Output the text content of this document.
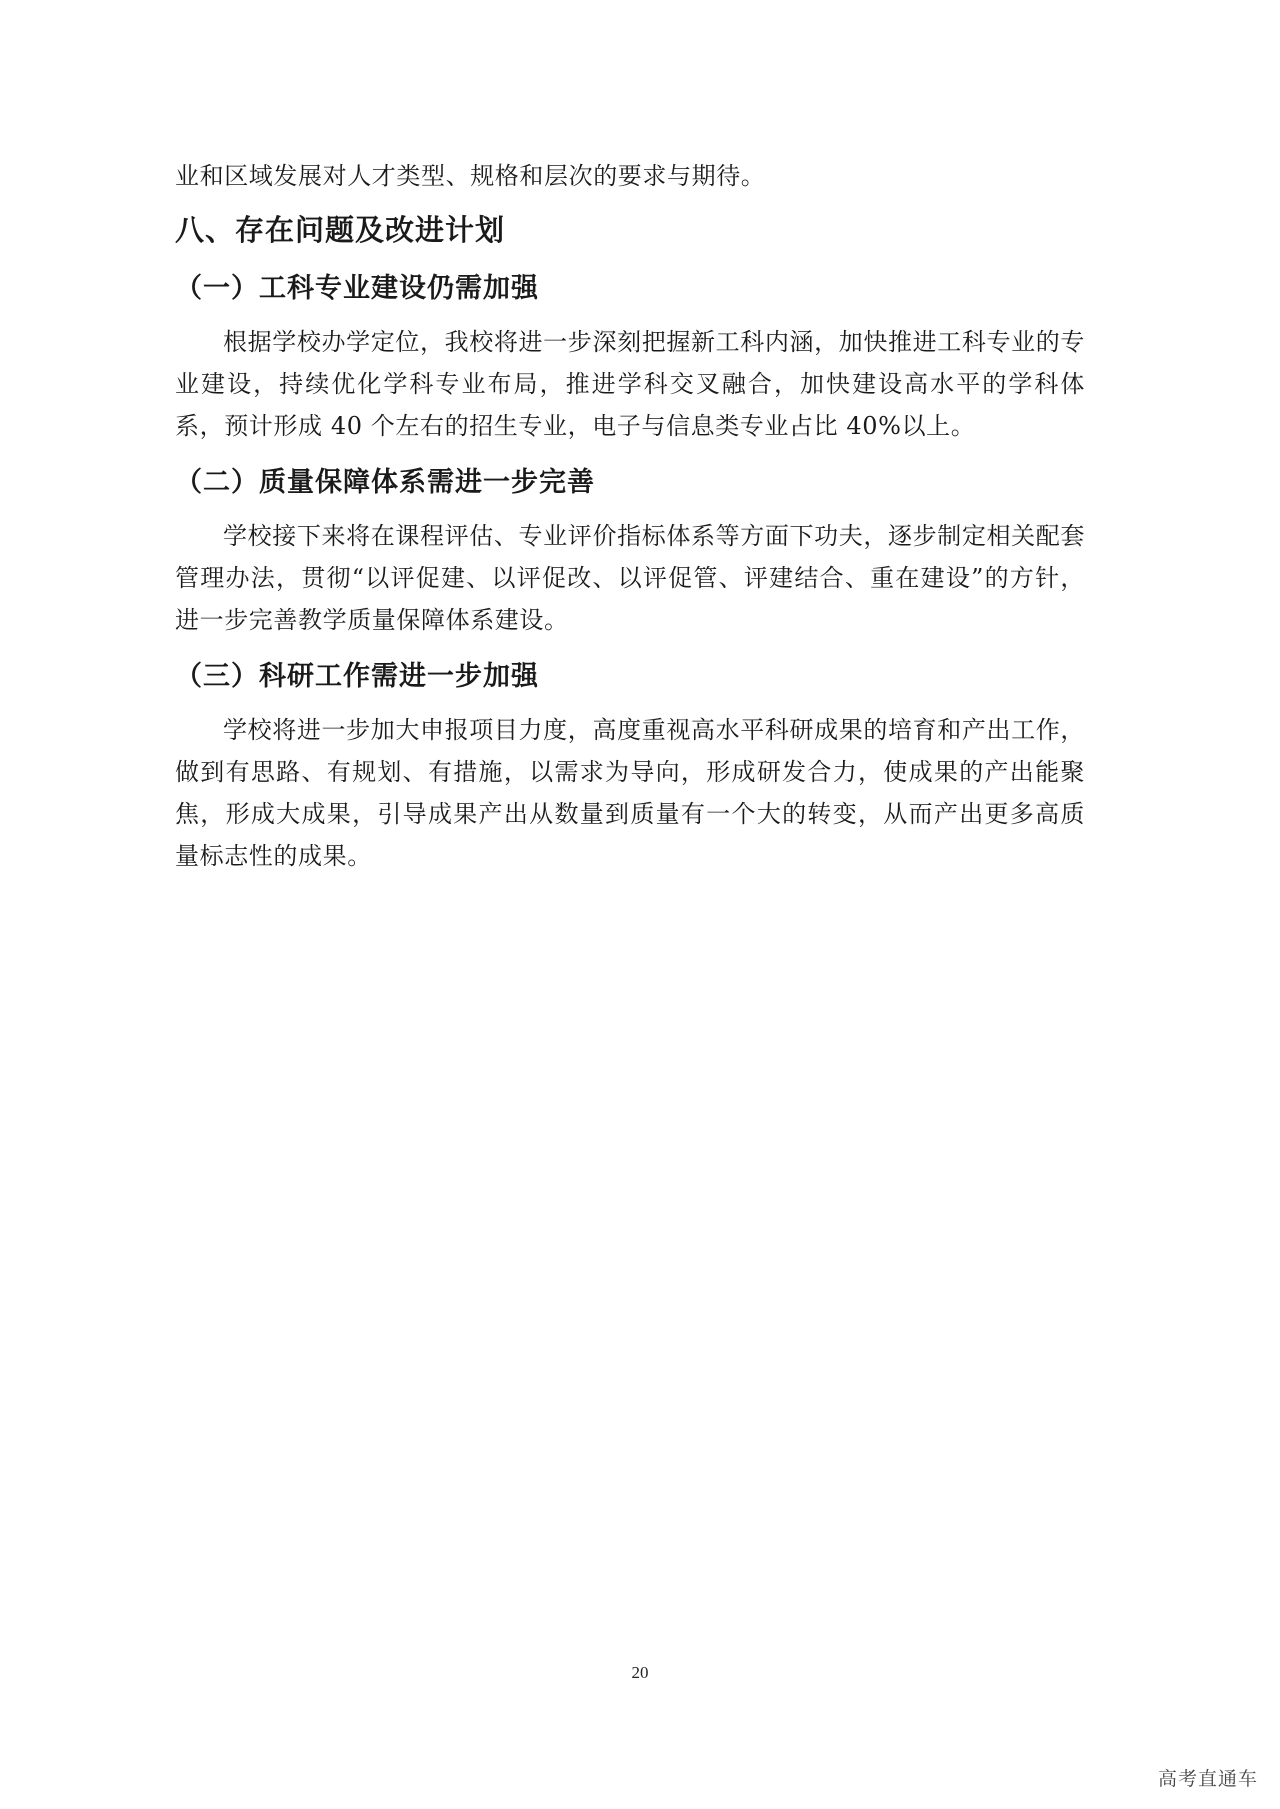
业和区域发展对人才类型、规格和层次的要求与期待。

八、存在问题及改进计划
（一）工科专业建设仍需加强

根据学校办学定位，我校将进一步深刻把握新工科内涵，加快推进工科专业的专业建设，持续优化学科专业布局，推进学科交叉融合，加快建设高水平的学科体系，预计形成 40 个左右的招生专业，电子与信息类专业占比 40%以上。

（二）质量保障体系需进一步完善

学校接下来将在课程评估、专业评价指标体系等方面下功夫，逐步制定相关配套管理办法，贯彻“以评促建、以评促改、以评促管、评建结合、重在建设”的方针，进一步完善教学质量保障体系建设。

（三）科研工作需进一步加强

学校将进一步加大申报项目力度，高度重视高水平科研成果的培育和产出工作，做到有思路、有规划、有措施，以需求为导向，形成研发合力，使成果的产出能聚焦，形成大成果，引导成果产出从数量到质量有一个大的转变，从而产出更多高质量标志性的成果。

20
高考直通车
